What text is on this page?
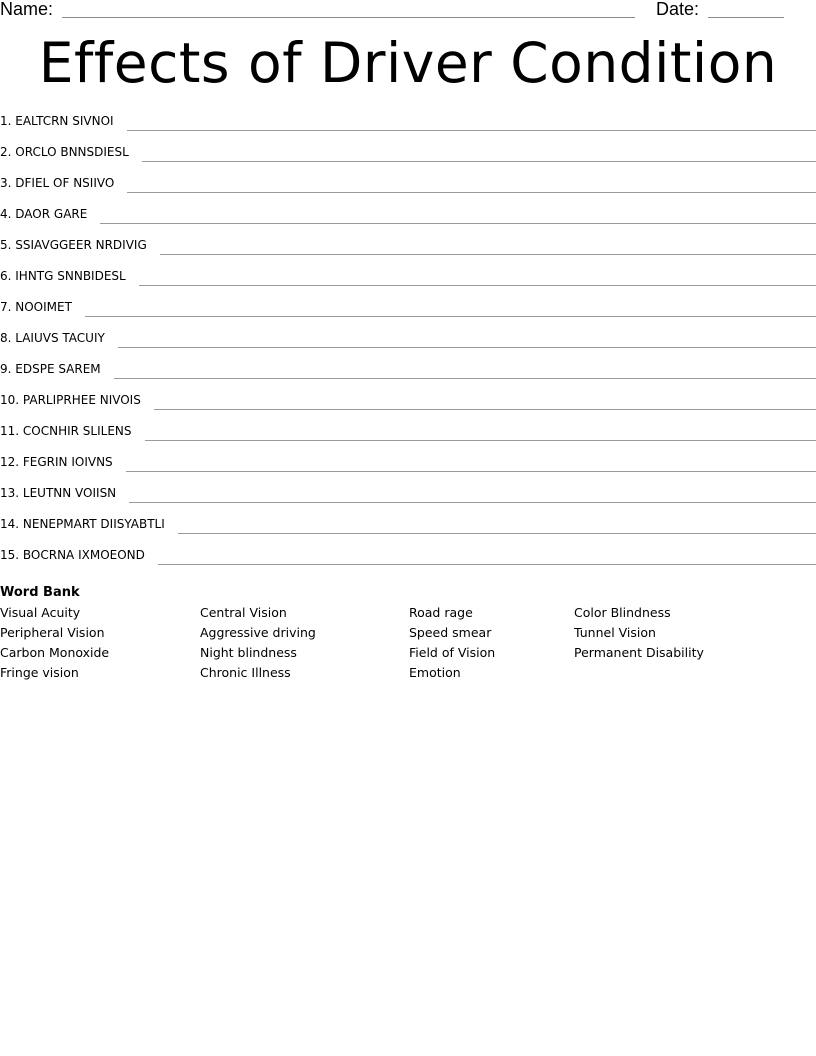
Name:	Date:
Effects of Driver Condition
1. EALTCRN SIVNOI
2. ORCLO BNNSDIESL
3. DFIEL OF NSIIVO
4. DAOR GARE
5. SSIAVGGEER NRDIVIG
6. IHNTG SNNBIDESL
7. NOOIMET
8. LAIUVS TACUIY
9. EDSPE SAREM
10. PARLIPRHEE NIVOIS
11. COCNHIR SLILENS
12. FEGRIN IOIVNS
13. LEUTNN VOIISN
14. NENEPMART DIISYABTLI
15. BOCRNA IXMOEOND
Word Bank
Visual Acuity
Peripheral Vision
Carbon Monoxide
Fringe vision
Central Vision
Aggressive driving
Night blindness
Chronic Illness
Road rage
Speed smear
Field of Vision
Emotion
Color Blindness
Tunnel Vision
Permanent Disability
